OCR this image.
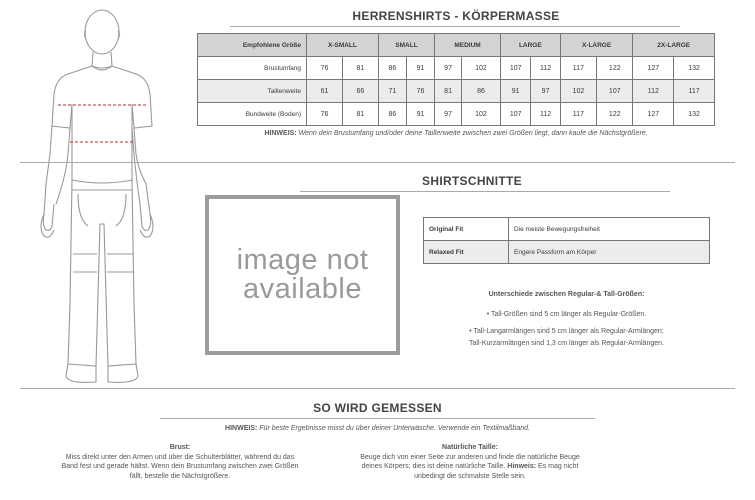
HERRENSHIRTS - KÖRPERMASSE
Empfohlene Größe	X-SMALL		SMALL		MEDIUM		LARGE		X-LARGE		2X-LARGE	
Brustumfang	76	81	86	91	97	102	107	112	117	122	127	132
Taillenweite	61	66	71	76	81	86	91	97	102	107	112	117
Bundweite (Boden)	76	81	86	91	97	102	107	112	117	122	127	132
HINWEIS: Wenn dein Brustumfang und/oder deine Taillenweite zwischen zwei Größen liegt, dann kaufe die Nächstgrößere.
SHIRTSCHNITTE
image not
available
Original Fit	Die meiste Bewegungsfreiheit
Relaxed Fit	Engere Passform am Körper
Unterschiede zwischen Regular-& Tall-Größen:
• Tall-Größen sind 5 cm länger als Regular-Größen.
• Tall-Langarmlängen sind 5 cm länger als Regular-Armlängen;
Tall-Kurzarmlängen sind 1,3 cm länger als Regular-Armlängen.
SO WIRD GEMESSEN
HINWEIS: Für beste Ergebnisse misst du über deiner Unterwäsche. Verwende ein Textilmaßband.
Brust:
Miss direkt unter den Armen und über die Schulterblätter, während du das
Band fest und gerade hältst. Wenn dein Brustumfang zwischen zwei Größen
fällt, bestelle die Nächstgrößere.
Natürliche Taille:
Beuge dich von einer Seite zur anderen und finde die natürliche Beuge
deines Körpers; dies ist deine natürliche Taille. Hinweis: Es mag nicht
unbedingt die schmalste Stelle sein.
